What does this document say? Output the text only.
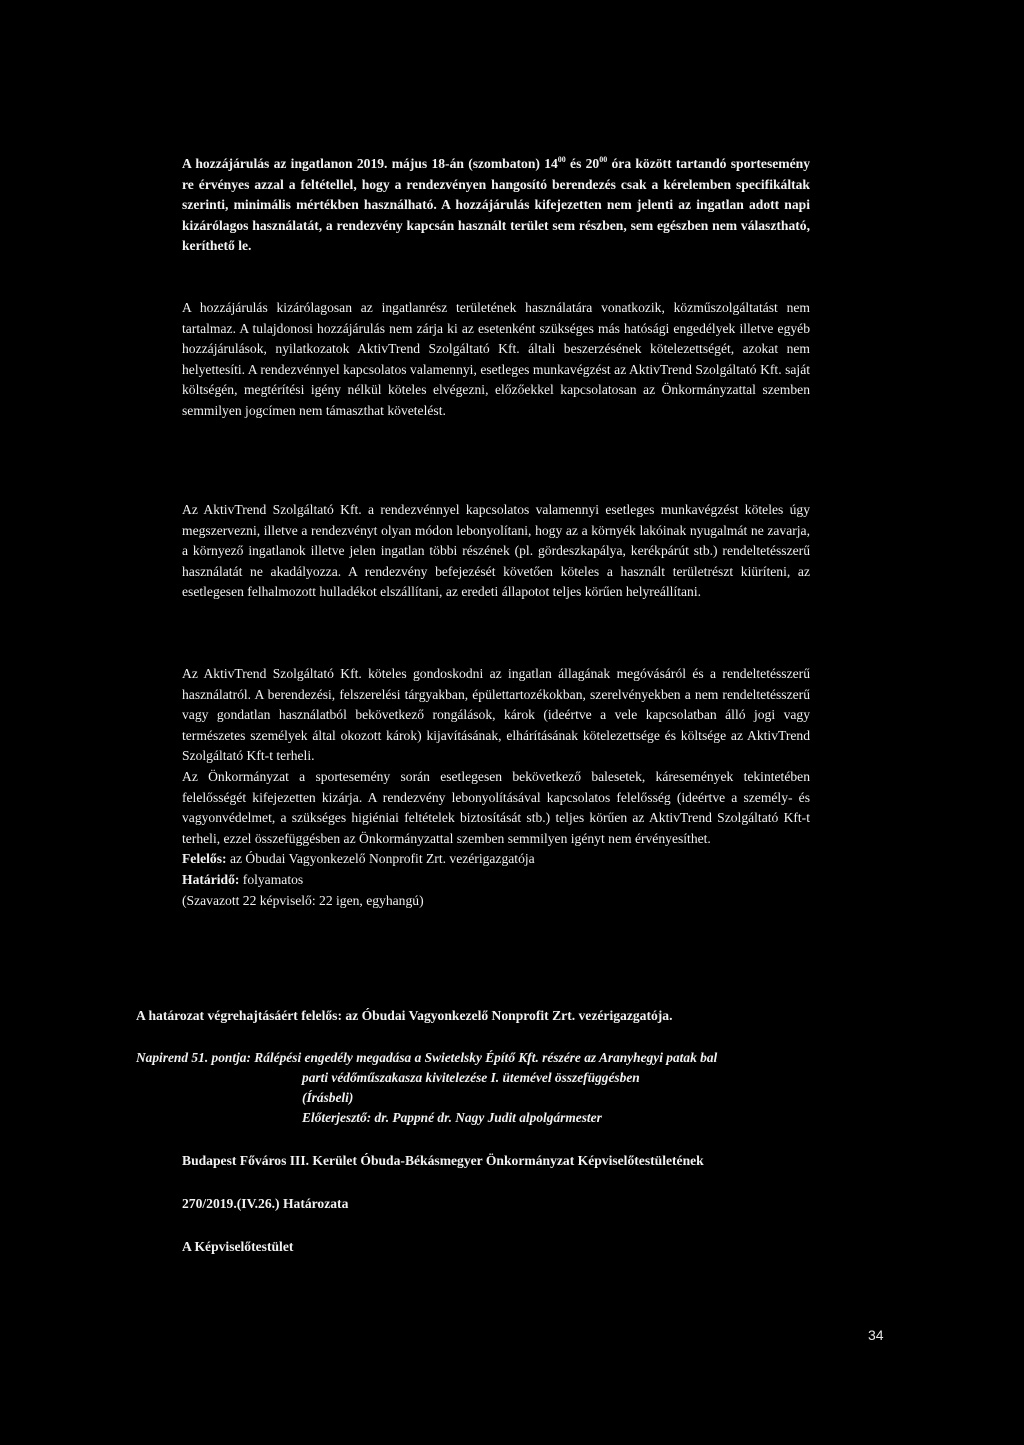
A hozzájárulás az ingatlanon 2019. május 18-án (szombaton) $14^{00}$ és $20^{00}$ óra között tartandó sportesemény re érvényes azzal a feltétellel, hogy a rendezvényen hangosító berendezés csak a kérelemben specifikáltak szerinti, minimális mértékben használható. A hozzájárulás kifejezetten nem jelenti az ingatlan adott napi kizárólagos használatát, a rendezvény kapcsán használt terület sem részben, sem egészben nem választható, keríthető le.

A hozzájárulás kizárólagosan az ingatlanrész területének használatára vonatkozik, közműszolgáltatást nem tartalmaz. A tulajdonosi hozzájárulás nem zárja ki az esetenként szükséges más hatósági engedélyek illetve egyéb hozzájárulások, nyilatkozatok AktivTrend Szolgáltató Kft. általi beszerzésének kötelezettségét, azokat nem helyettesíti. A rendezvénnyel kapcsolatos valamennyi, esetleges munkavégzést az AktivTrend Szolgáltató Kft. saját költségén, megtérítési igény nélkül köteles elvégezni, előzőekkel kapcsolatosan az Önkormányzattal szemben semmilyen jogcímen nem támaszthat követelést.

Az AktivTrend Szolgáltató Kft. a rendezvénnyel kapcsolatos valamennyi esetleges munkavégzést köteles úgy megszervezni, illetve a rendezvényt olyan módon lebonyolítani, hogy az a környék lakóinak nyugalmát ne zavarja, a környező ingatlanok illetve jelen ingatlan többi részének (pl. gördeszkapálya, kerékpárút stb.) rendeltetésszerű használatát ne akadályozza. A rendezvény befejezését követően köteles a használt területrészt kiüríteni, az esetlegesen felhalmozott hulladékot elszállítani, az eredeti állapotot teljes körűen helyreállítani.

Az AktivTrend Szolgáltató Kft. köteles gondoskodni az ingatlan állagának megóvásáról és a rendeltetésszerű használatról. A berendezési, felszerelési tárgyakban, épülettartozékokban, szerelvényekben a nem rendeltetésszerű vagy gondatlan használatból bekövetkező rongálások, károk (ideértve a vele kapcsolatban álló jogi vagy természetes személyek által okozott károk) kijavításának, elhárításának kötelezettsége és költsége az AktivTrend Szolgáltató Kft-t terheli.

Az Önkormányzat a sportesemény során esetlegesen bekövetkező balesetek, káresemények tekintetében felelősségét kifejezetten kizárja. A rendezvény lebonyolításával kapcsolatos felelősség (ideértve a személy- és vagyonvédelmet, a szükséges higiéniai feltételek biztosítását stb.) teljes körűen az AktivTrend Szolgáltató Kft-t terheli, ezzel összefüggésben az Önkormányzattal szemben semmilyen igényt nem érvényesíthet.

Felelős: az Óbudai Vagyonkezelő Nonprofit Zrt. vezérigazgatója

Határidő: folyamatos

(Szavazott 22 képviselő: 22 igen, egyhangú)

A határozat végrehajtásáért felelős: az Óbudai Vagyonkezelő Nonprofit Zrt. vezérigazgatója.

Napirend 51. pontja: Rálépési engedély megadása a Swietelsky Építő Kft. részére az Aranyhegyi patak bal
parti védőműszakasza kivitelezése I. ütemével összefüggésben
(Írásbeli)
Előterjesztő: dr. Pappné dr. Nagy Judit alpolgármester

Budapest Főváros III. Kerület Óbuda-Békásmegyer Önkormányzat Képviselőtestületének

270/2019.(IV.26.) Határozata

A Képviselőtestület

34
